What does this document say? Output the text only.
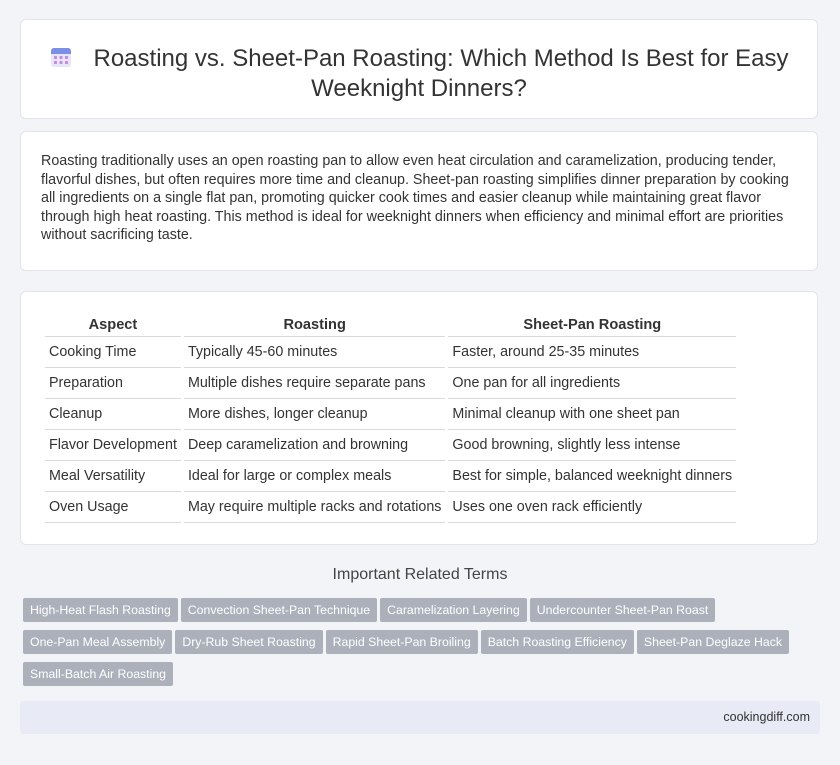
Roasting vs. Sheet-Pan Roasting: Which Method Is Best for Easy Weeknight Dinners?

Roasting traditionally uses an open roasting pan to allow even heat circulation and caramelization, producing tender, flavorful dishes, but often requires more time and cleanup. Sheet-pan roasting simplifies dinner preparation by cooking all ingredients on a single flat pan, promoting quicker cook times and easier cleanup while maintaining great flavor through high heat roasting. This method is ideal for weeknight dinners when efficiency and minimal effort are priorities without sacrificing taste.

Aspect	Roasting	Sheet-Pan Roasting
Cooking Time	Typically 45-60 minutes	Faster, around 25-35 minutes
Preparation	Multiple dishes require separate pans	One pan for all ingredients
Cleanup	More dishes, longer cleanup	Minimal cleanup with one sheet pan
Flavor Development	Deep caramelization and browning	Good browning, slightly less intense
Meal Versatility	Ideal for large or complex meals	Best for simple, balanced weeknight dinners
Oven Usage	May require multiple racks and rotations	Uses one oven rack efficiently
Important Related Terms
High-Heat Flash Roasting Convection Sheet-Pan Technique Caramelization Layering Undercounter Sheet-Pan RoastOne-Pan Meal Assembly Dry-Rub Sheet Roasting Rapid Sheet-Pan Broiling Batch Roasting Efficiency Sheet-Pan Deglaze HackSmall-Batch Air Roasting
cookingdiff.com
